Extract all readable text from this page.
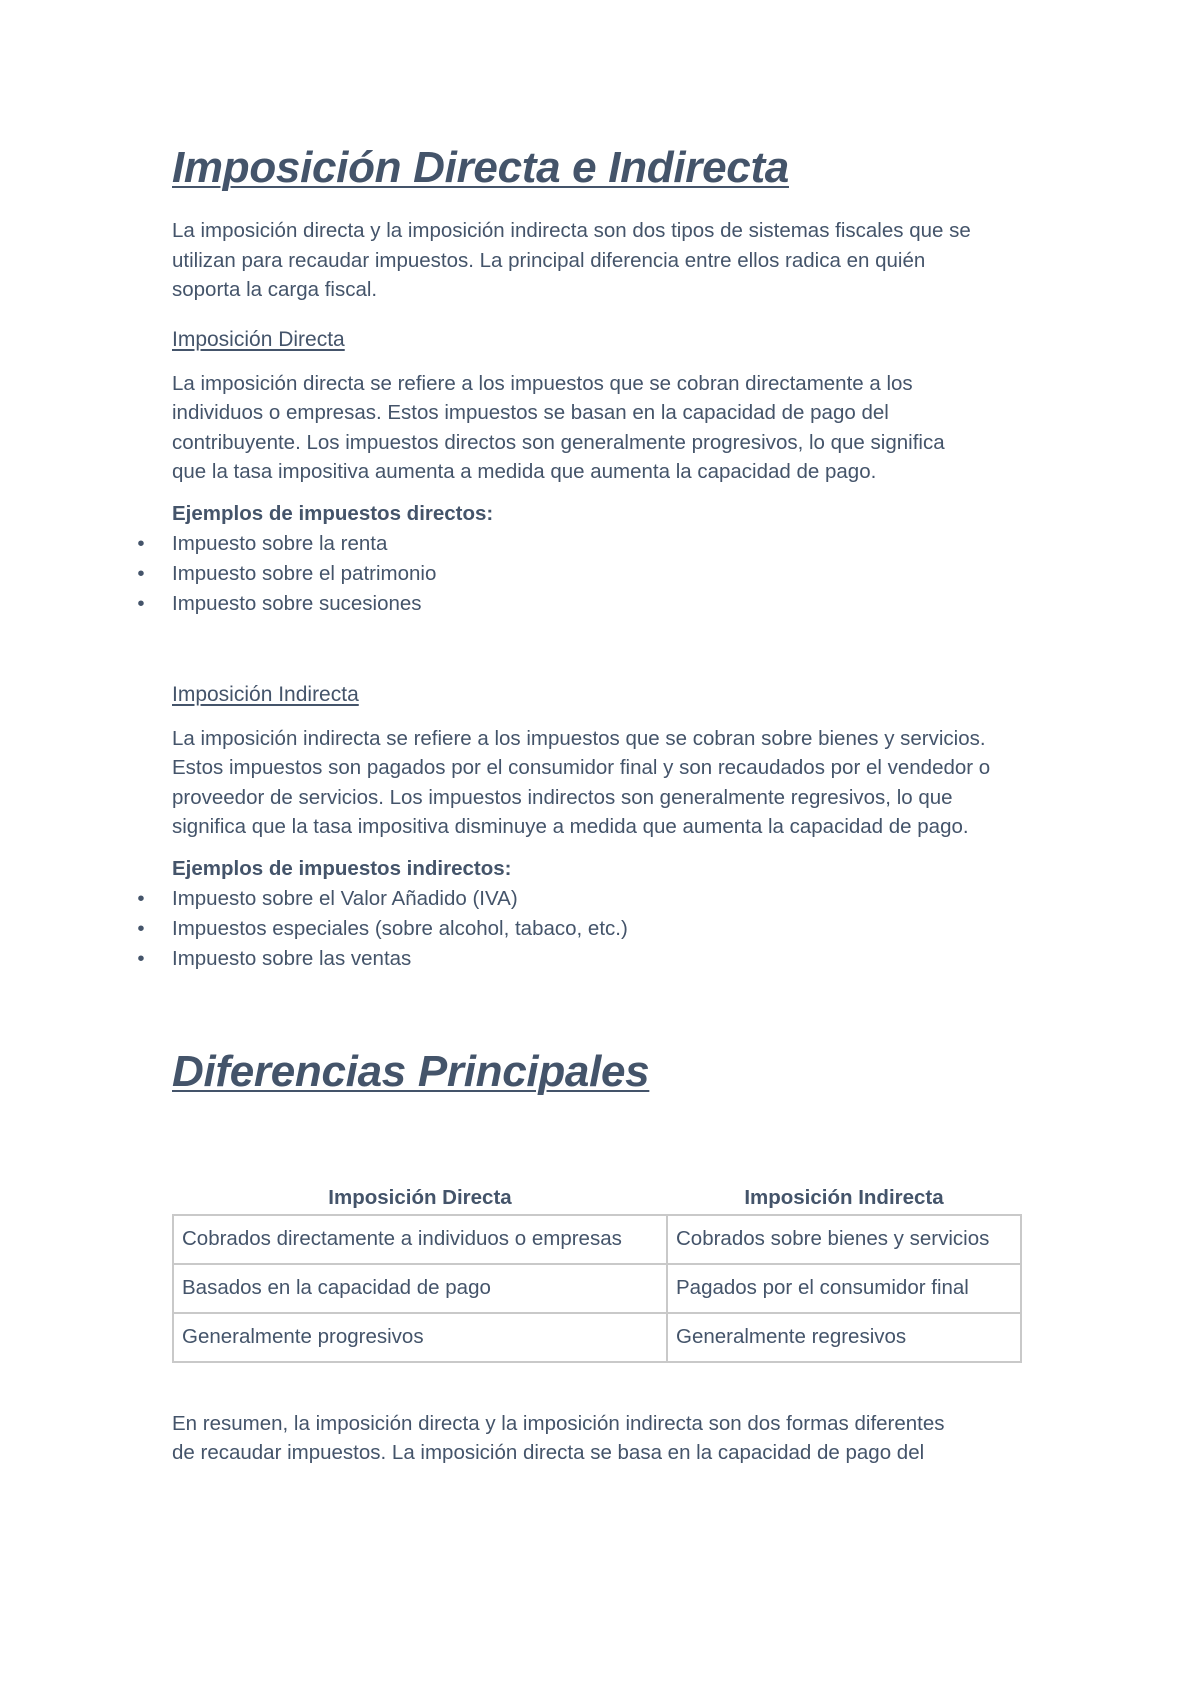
Imposición Directa e Indirecta

La imposición directa y la imposición indirecta son dos tipos de sistemas fiscales que se utilizan para recaudar impuestos. La principal diferencia entre ellos radica en quién soporta la carga fiscal.

Imposición Directa

La imposición directa se refiere a los impuestos que se cobran directamente a los individuos o empresas. Estos impuestos se basan en la capacidad de pago del contribuyente. Los impuestos directos son generalmente progresivos, lo que significa que la tasa impositiva aumenta a medida que aumenta la capacidad de pago.

Ejemplos de impuestos directos:
• Impuesto sobre la renta
• Impuesto sobre el patrimonio
• Impuesto sobre sucesiones
Imposición Indirecta

La imposición indirecta se refiere a los impuestos que se cobran sobre bienes y servicios. Estos impuestos son pagados por el consumidor final y son recaudados por el vendedor o proveedor de servicios. Los impuestos indirectos son generalmente regresivos, lo que significa que la tasa impositiva disminuye a medida que aumenta la capacidad de pago.

Ejemplos de impuestos indirectos:
• Impuesto sobre el Valor Añadido (IVA)
• Impuestos especiales (sobre alcohol, tabaco, etc.)
• Impuesto sobre las ventas
Diferencias Principales
Imposición Directa	Imposición Indirecta
Cobrados directamente a individuos o empresas	Cobrados sobre bienes y servicios
Basados en la capacidad de pago	Pagados por el consumidor final
Generalmente progresivos	Generalmente regresivos
En resumen, la imposición directa y la imposición indirecta son dos formas diferentes
de recaudar impuestos. La imposición directa se basa en la capacidad de pago del
